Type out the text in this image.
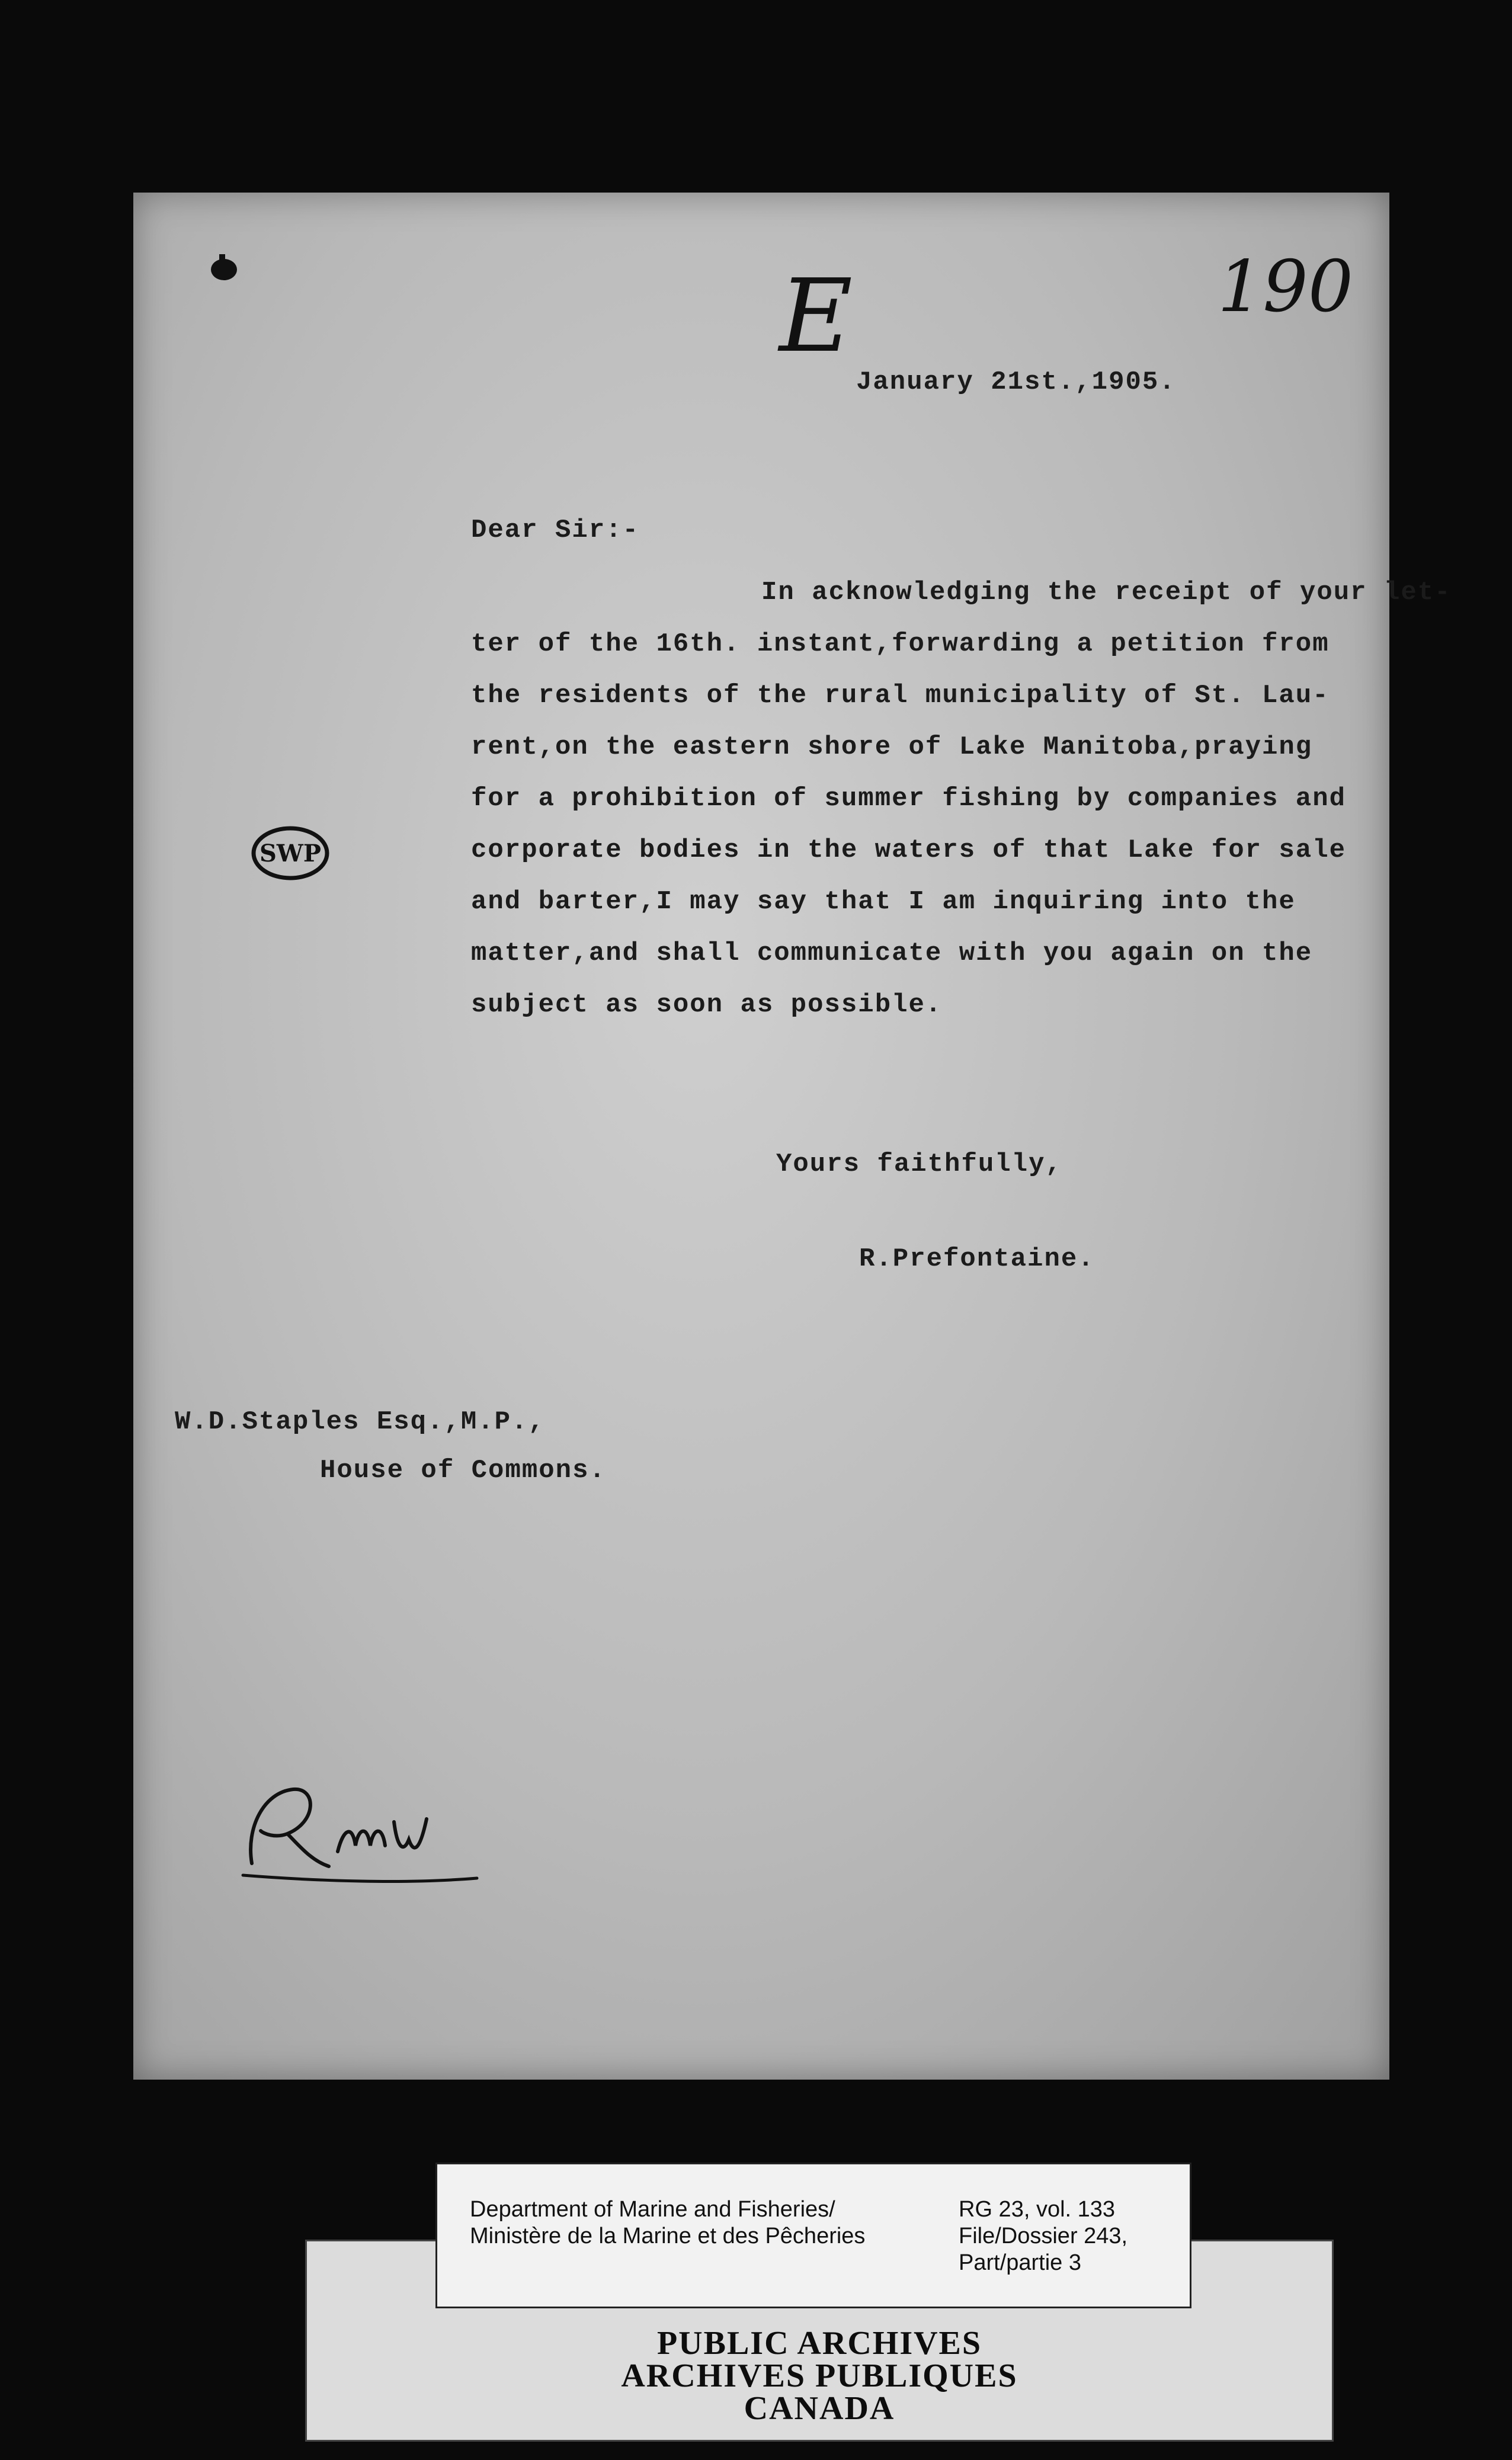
190
E
January 21st.,1905.
Dear Sir:-
In acknowledging the receipt of your let-
ter of the 16th. instant,forwarding a petition from
the residents of the rural municipality of St. Lau-
rent,on the eastern shore of Lake Manitoba,praying
for a prohibition of summer fishing by companies and
corporate bodies in the waters of that Lake for sale
and barter,I may say that I am inquiring into the
matter,and shall communicate with you again on the
subject as soon as possible.
SWP
Yours faithfully,
R.Prefontaine.
W.D.Staples Esq.,M.P.,
House of Commons.
PUBLIC ARCHIVES
ARCHIVES PUBLIQUES
CANADA
Department of Marine and Fisheries/
Ministère de la Marine et des Pêcheries
RG 23, vol. 133
File/Dossier 243,
Part/partie 3
